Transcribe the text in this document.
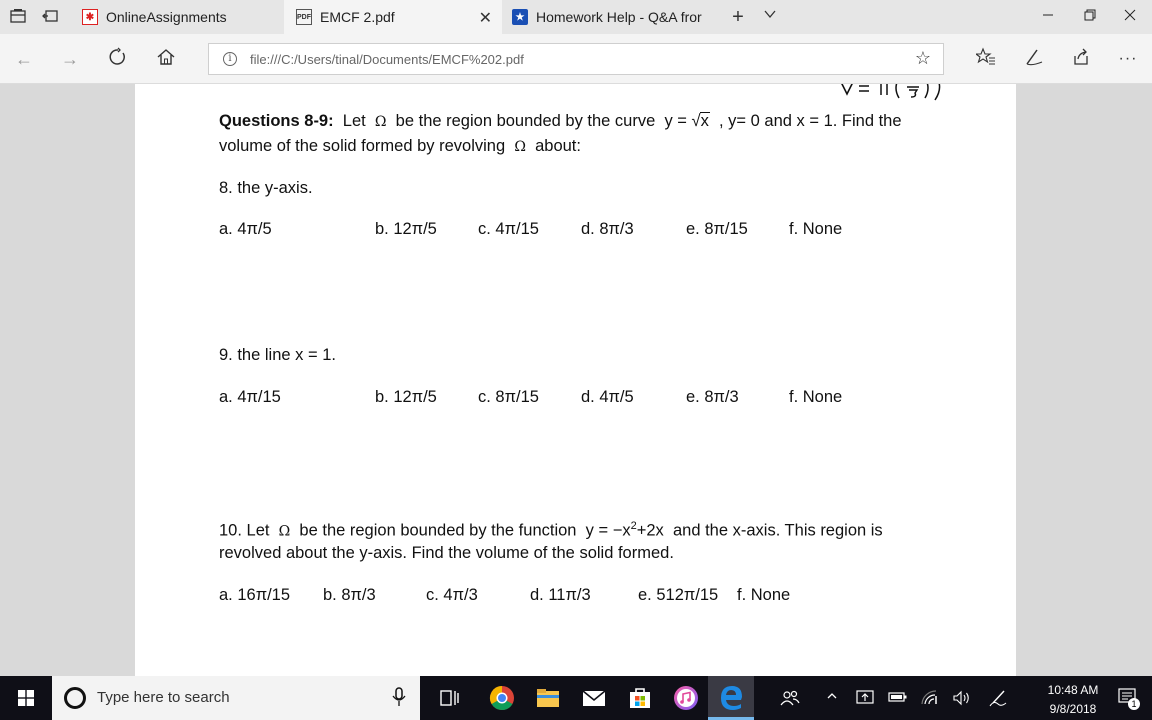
✱ OnlineAssignments	PDF EMCF 2.pdf	✕	★ Homework Help - Q&A fror +
← →	i	file:///C:/Users/tinal/Documents/EMCF%202.pdf	☆	···
Questions 8-9: Let Ω be the region bounded by the curve y = √x , y= 0 and x = 1. Find the
volume of the solid formed by revolving Ω about:
8. the y-axis.
a. 4π/5	b. 12π/5 c. 4π/15	d. 8π/3	e. 8π/15 f. None
9. the line x = 1.
a. 4π/15	b. 12π/5 c. 8π/15	d. 4π/5	e. 8π/3	f. None
10. Let Ω be the region bounded by the function $y = -x^2+2x$ and the x-axis. This region is
revolved about the y-axis. Find the volume of the solid formed.
a. 16π/15 b. 8π/3	c. 4π/3	d. 11π/3	e. 512π/15 f. None
Type here to search	10:48 AM
9/8/2018	1
